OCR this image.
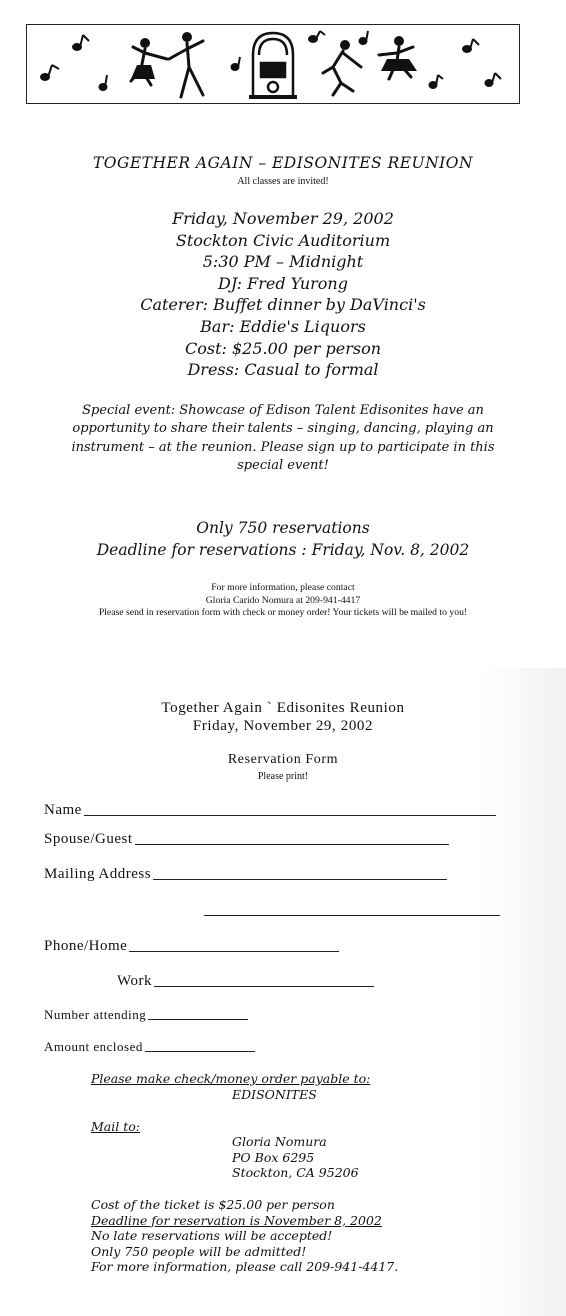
TOGETHER AGAIN – EDISONITES REUNION
All classes are invited!
Friday, November 29, 2002
Stockton Civic Auditorium
5:30 PM – Midnight
DJ: Fred Yurong
Caterer: Buffet dinner by DaVinci's
Bar: Eddie's Liquors
Cost: $25.00 per person
Dress: Casual to formal
Special event: Showcase of Edison Talent Edisonites have an opportunity to share their talents – singing, dancing, playing an instrument – at the reunion. Please sign up to participate in this special event!
Only 750 reservations
Deadline for reservations : Friday, Nov. 8, 2002
For more information, please contact
Gloria Carido Nomura at 209-941-4417
Please send in reservation form with check or money order! Your tickets will be mailed to you!
Together Again ` Edisonites Reunion
Friday, November 29, 2002
Reservation Form
Please print!
Name
Spouse/Guest
Mailing Address
Phone/Home
Work
Number attending
Amount enclosed
Please make check/money order payable to:
EDISONITES
Mail to:
Gloria Nomura
PO Box 6295
Stockton, CA 95206
Cost of the ticket is $25.00 per person
Deadline for reservation is November 8, 2002
No late reservations will be accepted!
Only 750 people will be admitted!
For more information, please call 209-941-4417.
